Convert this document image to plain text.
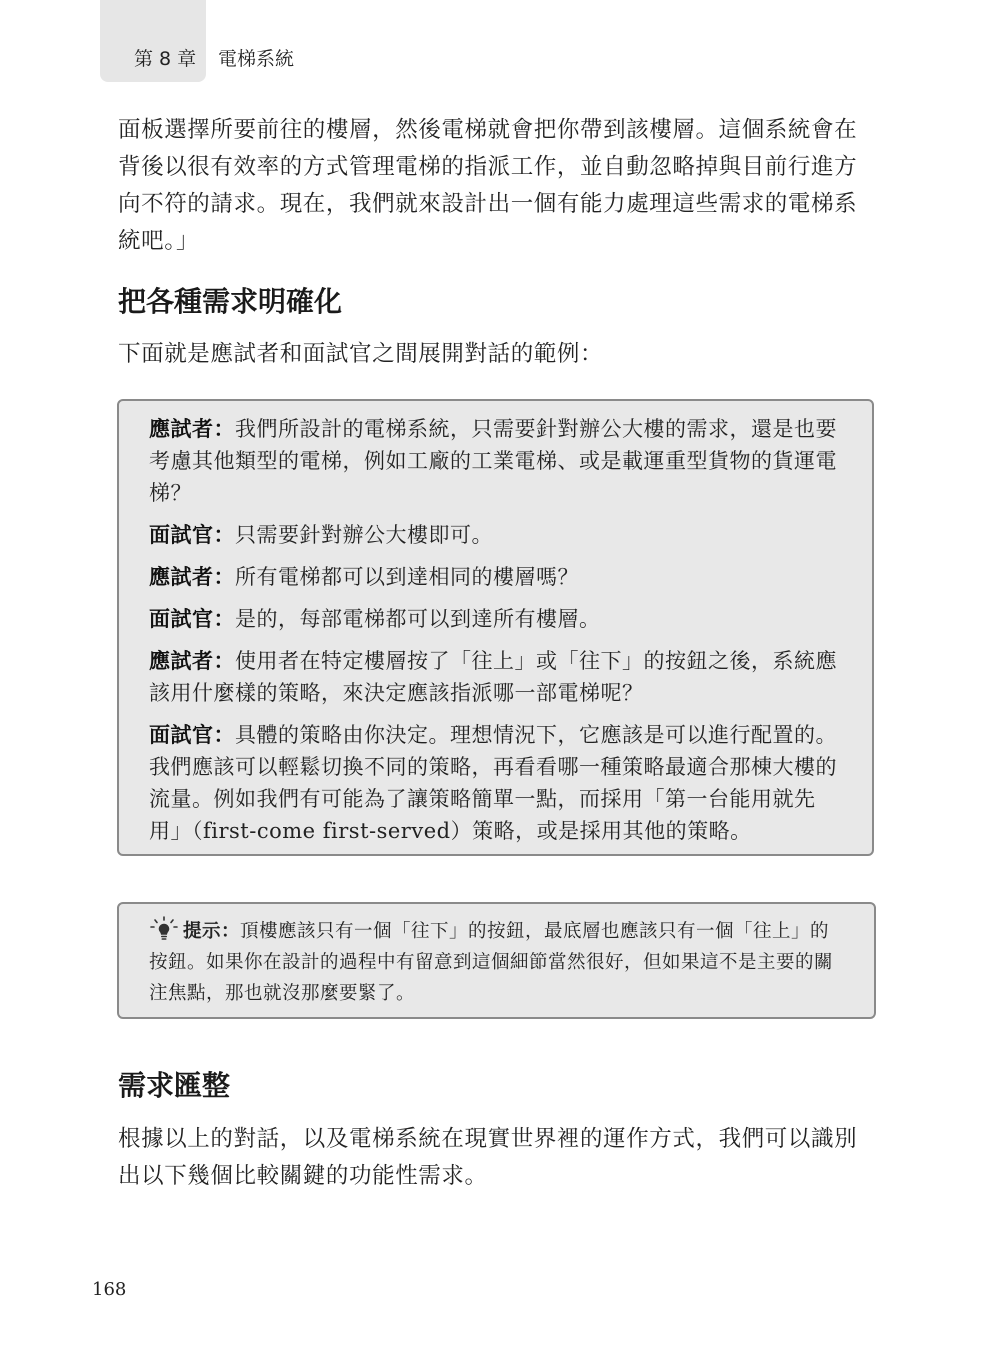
第 8 章 電梯系統

面板選擇所要前往的樓層，然後電梯就會把你帶到該樓層。這個系統會在背後以很有效率的方式管理電梯的指派工作，並自動忽略掉與目前行進方向不符的請求。現在，我們就來設計出一個有能力處理這些需求的電梯系統吧。」

把各種需求明確化

下面就是應試者和面試官之間展開對話的範例：

應試者：我們所設計的電梯系統，只需要針對辦公大樓的需求，還是也要考慮其他類型的電梯，例如工廠的工業電梯、或是載運重型貨物的貨運電梯？

面試官：只需要針對辦公大樓即可。

應試者：所有電梯都可以到達相同的樓層嗎？

面試官：是的，每部電梯都可以到達所有樓層。

應試者：使用者在特定樓層按了「往上」或「往下」的按鈕之後，系統應該用什麼樣的策略，來決定應該指派哪一部電梯呢？

面試官：具體的策略由你決定。理想情況下，它應該是可以進行配置的。我們應該可以輕鬆切換不同的策略，再看看哪一種策略最適合那棟大樓的流量。例如我們有可能為了讓策略簡單一點，而採用「第一台能用就先用」（first-come first-served）策略，或是採用其他的策略。

提示：頂樓應該只有一個「往下」的按鈕，最底層也應該只有一個「往上」的按鈕。如果你在設計的過程中有留意到這個細節當然很好，但如果這不是主要的關注焦點，那也就沒那麼要緊了。

需求匯整

根據以上的對話，以及電梯系統在現實世界裡的運作方式，我們可以識別出以下幾個比較關鍵的功能性需求。

168
